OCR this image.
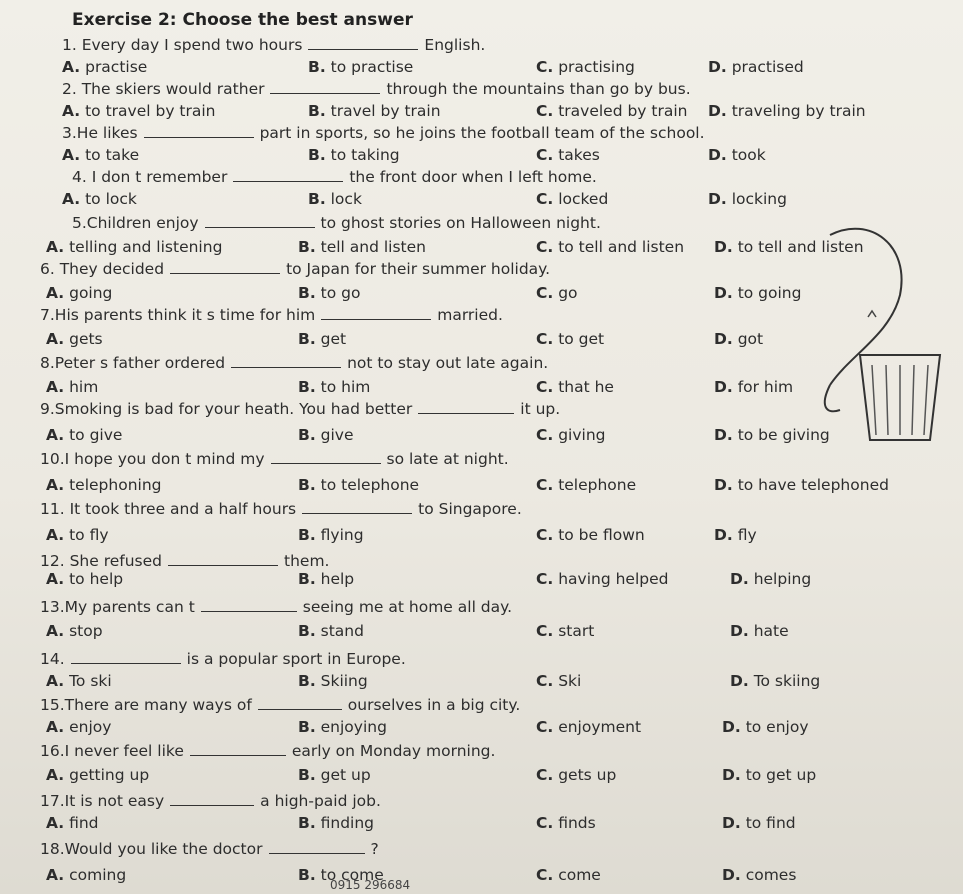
Exercise 2: Choose the best answer
1. Every day I spend two hours	English.
A. practise	B. to practise	C. practising	D. practised
2. The skiers would rather	through the mountains than go by bus.
A. to travel by train	B. travel by train	C. traveled by train D. traveling by train
3.He likes	part in sports, so he joins the football team of the school.
A. to take	B. to taking	C. takes	D. took
4. I don t remember	the front door when I left home.
A. to lock	B. lock	C. locked	D. locking
5.Children enjoy	to ghost stories on Halloween night.
A. telling and listening	B. tell and listen	C. to tell and listen D. to tell and listen
6. They decided	to Japan for their summer holiday.
A. going	B. to go	C. go	D. to going
7.His parents think it s time for him	married.
A. gets	B. get	C. to get	D. got
8.Peter s father ordered	not to stay out late again.
A. him	B. to him	C. that he	D. for him
9.Smoking is bad for your heath. You had better	it up.
A. to give	B. give	C. giving	D. to be giving
10.I hope you don t mind my	so late at night.
A. telephoning	B. to telephone	C. telephone	D. to have telephoned
11. It took three and a half hours	to Singapore.
A. to fly	B. flying	C. to be flown	D. fly
12. She refused	them.
A. to help	B. help	C. having helped	D. helping
13.My parents can t	seeing me at home all day.
A. stop	B. stand	C. start	D. hate
14.	is a popular sport in Europe.
A. To ski	B. Skiing	C. Ski	D. To skiing
15.There are many ways of	ourselves in a big city.
A. enjoy	B. enjoying	C. enjoyment	D. to enjoy
16.I never feel like	early on Monday morning.
A. getting up	B. get up	C. gets up	D. to get up
17.It is not easy	a high-paid job.
A. find	B. finding	C. finds	D. to find
18.Would you like the doctor	?
A. coming	B. to come	C. come	D. comes
0915 296684
